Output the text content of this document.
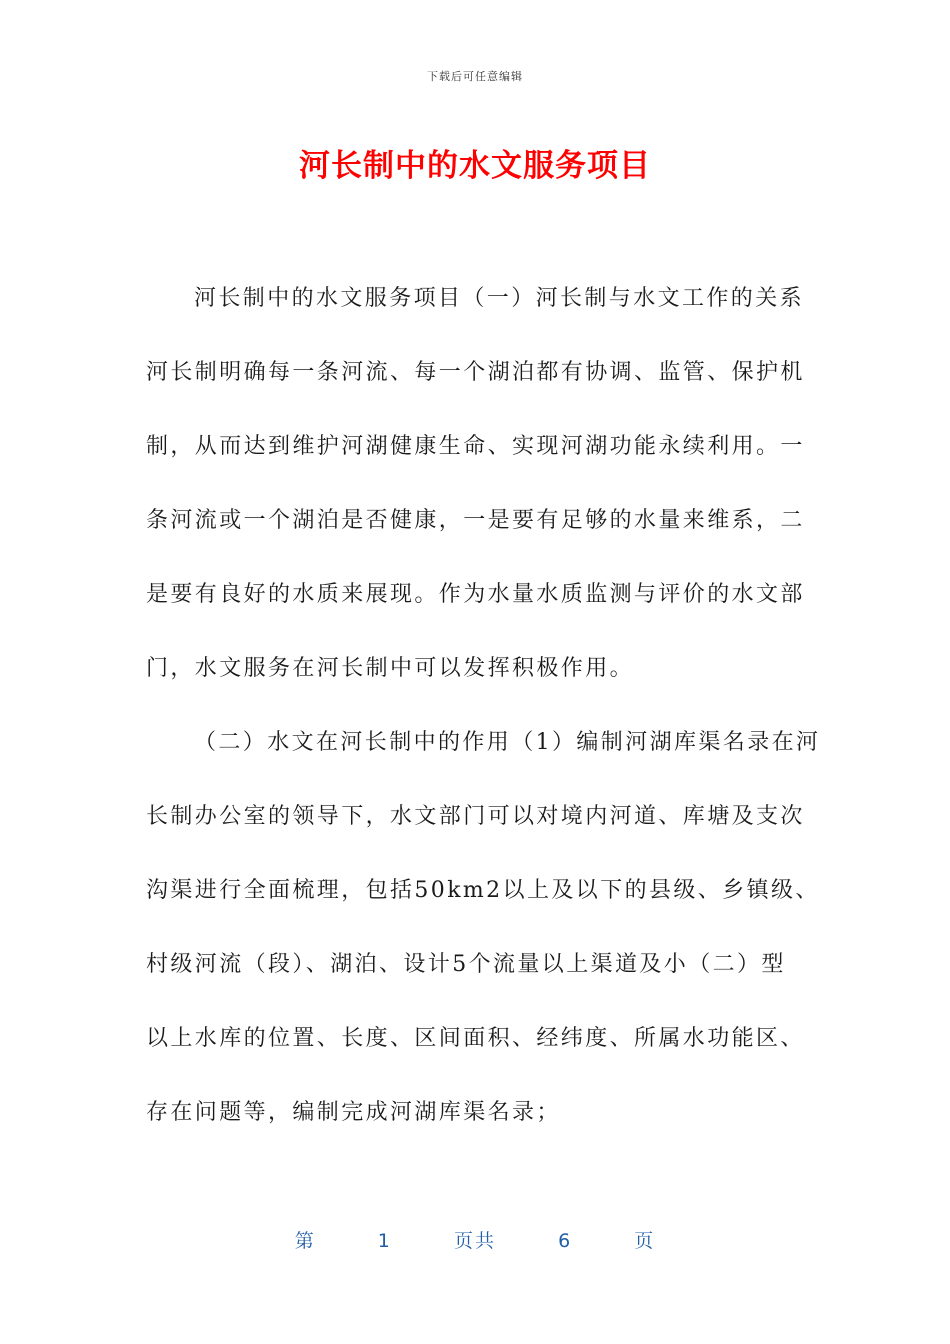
下载后可任意编辑
河长制中的水文服务项目
河长制中的水文服务项目（一）河长制与水文工作的关系
河长制明确每一条河流、每一个湖泊都有协调、监管、保护机
制，从而达到维护河湖健康生命、实现河湖功能永续利用。一
条河流或一个湖泊是否健康，一是要有足够的水量来维系，二
是要有良好的水质来展现。作为水量水质监测与评价的水文部
门，水文服务在河长制中可以发挥积极作用。
（二）水文在河长制中的作用（1）编制河湖库渠名录在河
长制办公室的领导下，水文部门可以对境内河道、库塘及支次
沟渠进行全面梳理，包括50km2以上及以下的县级、乡镇级、
村级河流（段）、湖泊、设计5个流量以上渠道及小（二）型
以上水库的位置、长度、区间面积、经纬度、所属水功能区、
存在问题等，编制完成河湖库渠名录；
第	1	页共	6	页
